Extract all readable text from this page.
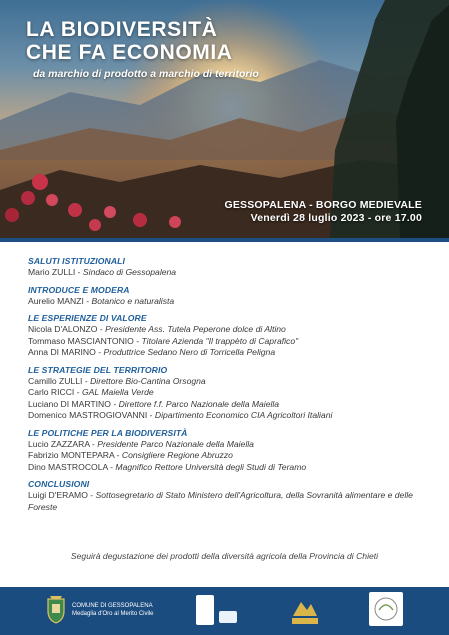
LA BIODIVERSITÀ
CHE FA ECONOMIA
da marchio di prodotto a marchio di territorio
GESSOPALENA - BORGO MEDIEVALE
Venerdì 28 luglio 2023 - ore 17.00
SALUTI ISTITUZIONALI
Mario ZULLI - Sindaco di Gessopalena
INTRODUCE E MODERA
Aurelio MANZI - Botanico e naturalista
LE ESPERIENZE DI VALORE
Nicola D'ALONZO - Presidente Ass. Tutela Peperone dolce di Altino
Tommaso MASCIANTONIO - Titolare Azienda "Il trappèto di Caprafico"
Anna DI MARINO - Produttrice Sedano Nero di Torricella Peligna
LE STRATEGIE DEL TERRITORIO
Camillo ZULLI - Direttore Bio-Cantina Orsogna
Carlo RICCI - GAL Maiella Verde
Luciano DI MARTINO - Direttore f.f. Parco Nazionale della Maiella
Domenico MASTROGIOVANNI - Dipartimento Economico CIA Agricoltori Italiani
LE POLITICHE PER LA BIODIVERSITÀ
Lucio ZAZZARA - Presidente Parco Nazionale della Maiella
Fabrizio MONTEPARA - Consigliere Regione Abruzzo
Dino MASTROCOLA - Magnifico Rettore Università degli Studi di Teramo
CONCLUSIONI
Luigi D'ERAMO - Sottosegretario di Stato Ministero dell'Agricoltura, della Sovranità alimentare e delle Foreste
Seguirà degustazione dei prodotti della diversità agricola della Provincia di Chieti
COMUNE DI GESSOPALENA
Medaglia d'Oro al Merito Civile
